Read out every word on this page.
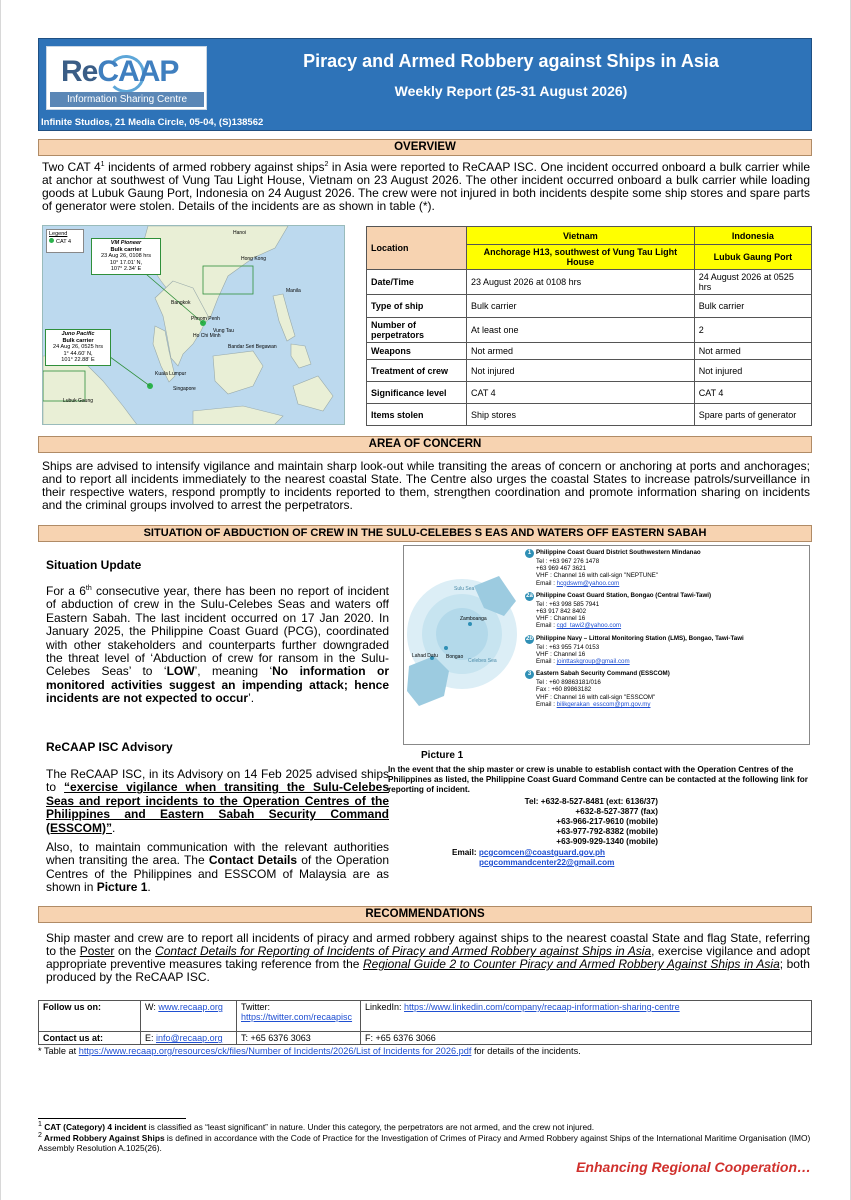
ReCAAP
Information Sharing Centre
Piracy and Armed Robbery against Ships in Asia
Weekly Report (25-31 August 2026)
Infinite Studios, 21 Media Circle, 05-04, (S)138562
OVERVIEW
Two CAT $4^1$ incidents of armed robbery against ships$^2$ in Asia were reported to ReCAAP ISC. One incident occurred onboard a bulk carrier while at anchor at southwest of Vung Tau Light House, Vietnam on 23 August 2026. The other incident occurred onboard a bulk carrier while loading goods at Lubuk Gaung Port, Indonesia on 24 August 2026. The crew were not injured in both incidents despite some ship stores and spare parts of generator were stolen. Details of the incidents are as shown in table (*).
Legend
CAT 4	VM Pioneer
Bulk carrier
23 Aug 26, 0108 hrs
10° 17.01' N,
107° 2.34' E
Juno Pacific
Bulk carrier
24 Aug 26, 0525 hrs
1° 44.60' N,
101° 22.88' E
Hanoi
Hong Kong
Manila
Bangkok
Phnom Penh
Ho Chi Minh
Kuala Lumpur
Singapore
Bandar Seri Begawan
Lubuk Gaung
Vung Tau
Location	Vietnam	Indonesia
	Anchorage H13, southwest of Vung Tau Light House	Lubuk Gaung Port
Date/Time	23 August 2026 at 0108 hrs	24 August 2026 at 0525 hrs
Type of ship	Bulk carrier	Bulk carrier
Number of perpetrators	At least one	2
Weapons	Not armed	Not armed
Treatment of crew	Not injured	Not injured
Significance level	CAT 4	CAT 4
Items stolen	Ship stores	Spare parts of generator
AREA OF CONCERN
Ships are advised to intensify vigilance and maintain sharp look-out while transiting the areas of concern or anchoring at ports and anchorages; and to report all incidents immediately to the nearest coastal State. The Centre also urges the coastal States to increase patrols/surveillance in their respective waters, respond promptly to incidents reported to them, strengthen coordination and promote information sharing on incidents and the criminal groups involved to arrest the perpetrators.
SITUATION OF ABDUCTION OF CREW IN THE SULU-CELEBES S EAS AND WATERS OFF EASTERN SABAH
Situation Update
For a 6th consecutive year, there has been no report of incident of abduction of crew in the Sulu-Celebes Seas and waters off Eastern Sabah. The last incident occurred on 17 Jan 2020. In January 2025, the Philippine Coast Guard (PCG), coordinated with other stakeholders and counterparts further downgraded the threat level of ‘Abduction of crew for ransom in the Sulu-Celebes Seas’ to ‘LOW’, meaning ‘No information or monitored activities suggest an impending attack; hence incidents are not expected to occur’.
ReCAAP ISC Advisory
The ReCAAP ISC, in its Advisory on 14 Feb 2025 advised ships to “exercise vigilance when transiting the Sulu-Celebes Seas and report incidents to the Operation Centres of the Philippines and Eastern Sabah Security Command (ESSCOM)”.
Also, to maintain communication with the relevant authorities when transiting the area. The Contact Details of the Operation Centres of the Philippines and ESSCOM of Malaysia are as shown in Picture 1.
Zamboanga
Lahad Datu Bongao
Sulu Sea
Celebes Sea
1 Philippine Coast Guard District Southwestern Mindanao
Tel : +63 967 276 1478
+63 969 467 3621
VHF : Channel 16 with call-sign "NEPTUNE"
Email : hcgdswm@yahoo.com
2a Philippine Coast Guard Station, Bongao (Central Tawi-Tawi)
Tel : +63 998 585 7941
+63 917 842 8402
VHF : Channel 16
Email : cgd_tawi2@yahoo.com
2b Philippine Navy – Littoral Monitoring Station (LMS), Bongao, Tawi-Tawi
Tel : +63 955 714 0153
VHF : Channel 16
Email : jointtaskgroup@gmail.com
3 Eastern Sabah Security Command (ESSCOM)
Tel : +60 89863181/016
Fax : +60 89863182
VHF : Channel 16 with call-sign "ESSCOM"
Email : bilikgerakan_esscom@pm.gov.my
Picture 1
In the event that the ship master or crew is unable to establish contact with the Operation Centres of the Philippines as listed, the Philippine Coast Guard Command Centre can be contacted at the following link for reporting of incident.
Tel: +632-8-527-8481 (ext: 6136/37)
+632-8-527-3877 (fax)
+63-966-217-9610 (mobile)
+63-977-792-8382 (mobile)
+63-909-929-1340 (mobile)
Email: pcgcomcen@coastguard.gov.ph
pcgcommandcenter22@gmail.com
RECOMMENDATIONS
Ship master and crew are to report all incidents of piracy and armed robbery against ships to the nearest coastal State and flag State, referring to the Poster on the Contact Details for Reporting of Incidents of Piracy and Armed Robbery against Ships in Asia, exercise vigilance and adopt appropriate preventive measures taking reference from the Regional Guide 2 to Counter Piracy and Armed Robbery Against Ships in Asia; both produced by the ReCAAP ISC.
Follow us on:	W: www.recaap.org	Twitter:
https://twitter.com/recaapisc	LinkedIn: https://www.linkedin.com/company/recaap-information-sharing-centre
Contact us at:	E: info@recaap.org	T: +65 6376 3063	F: +65 6376 3066
* Table at https://www.recaap.org/resources/ck/files/Number of Incidents/2026/List of Incidents for 2026.pdf for details of the incidents.
$^1$ CAT (Category) 4 incident is classified as “least significant” in nature. Under this category, the perpetrators are not armed, and the crew not injured.
$^2$ Armed Robbery Against Ships is defined in accordance with the Code of Practice for the Investigation of Crimes of Piracy and Armed Robbery against Ships of the International Maritime Organisation (IMO) Assembly Resolution A.1025(26).
Enhancing Regional Cooperation…
